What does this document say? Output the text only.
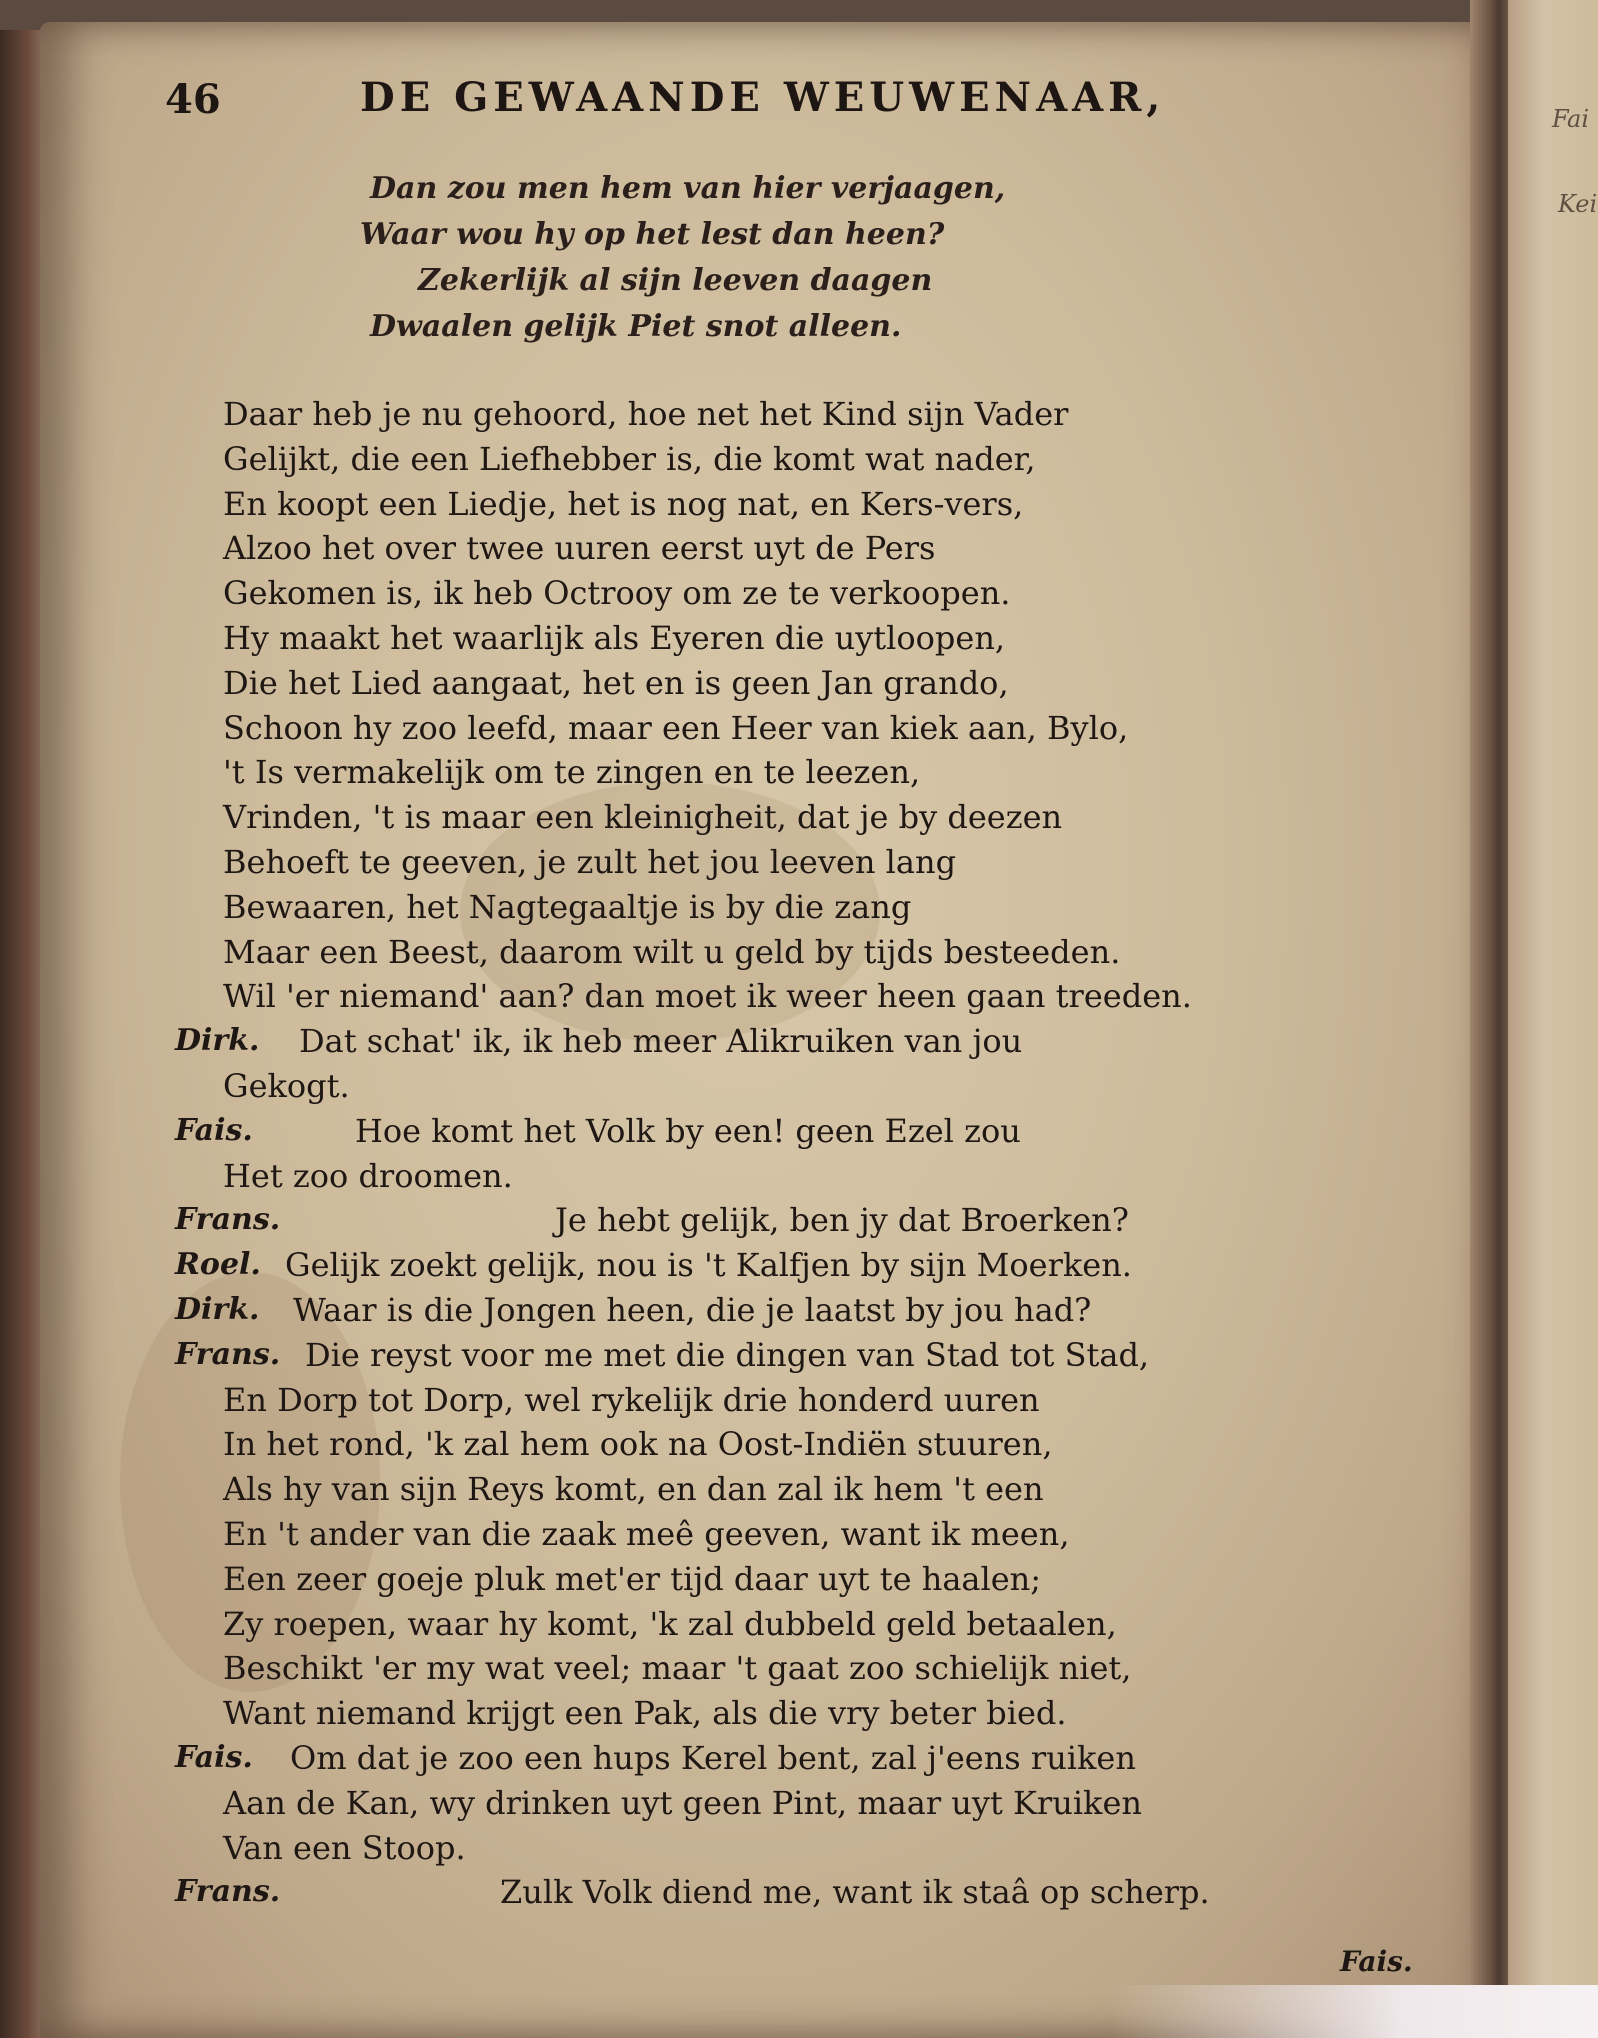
Fai
Kei
46	DE GEWAANDE WEUWENAAR,
Dan zou men hem van hier verjaagen,
Waar wou hy op het lest dan heen?
Zekerlijk al sijn leeven daagen
Dwaalen gelijk Piet snot alleen.
Daar heb je nu gehoord, hoe net het Kind sijn Vader
Gelijkt, die een Liefhebber is, die komt wat nader,
En koopt een Liedje, het is nog nat, en Kers-vers,
Alzoo het over twee uuren eerst uyt de Pers
Gekomen is, ik heb Octrooy om ze te verkoopen.
Hy maakt het waarlijk als Eyeren die uytloopen,
Die het Lied aangaat, het en is geen Jan grando,
Schoon hy zoo leefd, maar een Heer van kiek aan, Bylo,
't Is vermakelijk om te zingen en te leezen,
Vrinden, 't is maar een kleinigheit, dat je by deezen
Behoeft te geeven, je zult het jou leeven lang
Bewaaren, het Nagtegaaltje is by die zang
Maar een Beest, daarom wilt u geld by tijds besteeden.
Wil 'er niemand' aan? dan moet ik weer heen gaan treeden.
Dirk. Dat schat' ik, ik heb meer Alikruiken van jou
Gekogt.
Fais.	Hoe komt het Volk by een! geen Ezel zou
Het zoo droomen.
Frans.	Je hebt gelijk, ben jy dat Broerken?
Roel. Gelijk zoekt gelijk, nou is 't Kalfjen by sijn Moerken.
Dirk. Waar is die Jongen heen, die je laatst by jou had?
Frans. Die reyst voor me met die dingen van Stad tot Stad,
En Dorp tot Dorp, wel rykelijk drie honderd uuren
In het rond, 'k zal hem ook na Oost-Indiën stuuren,
Als hy van sijn Reys komt, en dan zal ik hem 't een
En 't ander van die zaak meê geeven, want ik meen,
Een zeer goeje pluk met'er tijd daar uyt te haalen;
Zy roepen, waar hy komt, 'k zal dubbeld geld betaalen,
Beschikt 'er my wat veel; maar 't gaat zoo schielijk niet,
Want niemand krijgt een Pak, als die vry beter bied.
Fais. Om dat je zoo een hups Kerel bent, zal j'eens ruiken
Aan de Kan, wy drinken uyt geen Pint, maar uyt Kruiken
Van een Stoop.
Frans.	Zulk Volk diend me, want ik staâ op scherp.
Fais.
